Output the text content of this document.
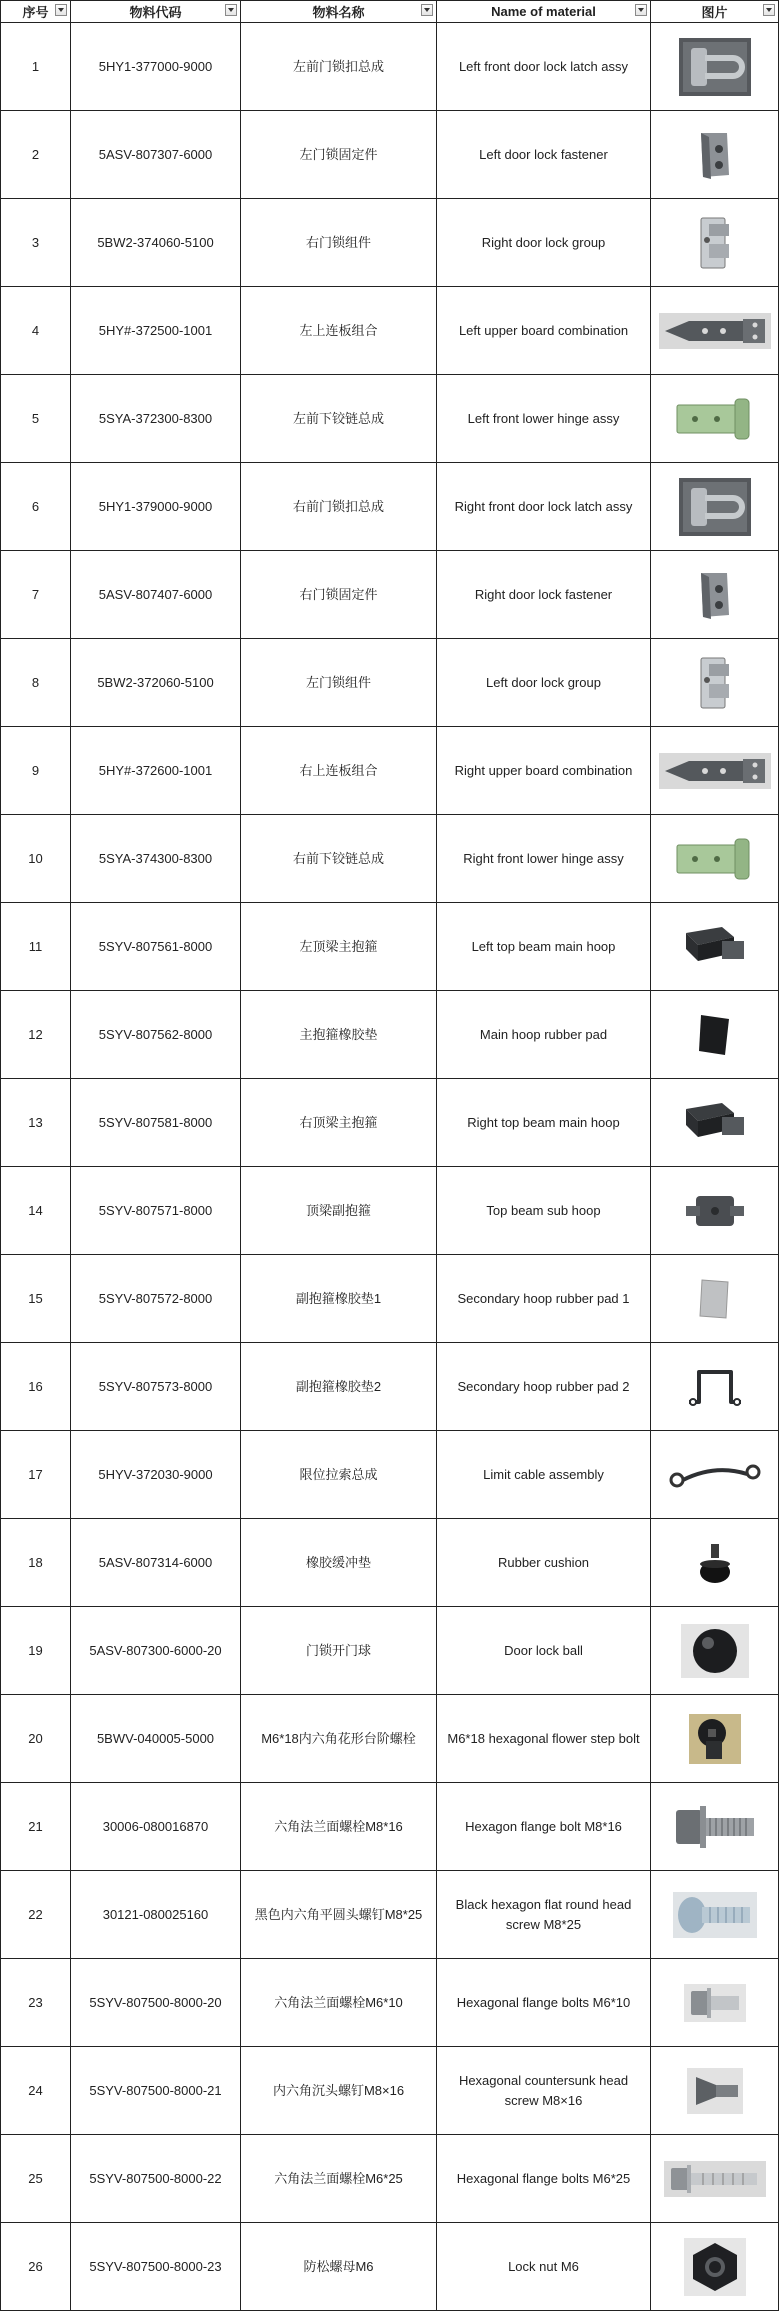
序号	物料代码	物料名称	Name of material	图片

1	5HY1-377000-9000	左前门锁扣总成	Left front door lock latch assy	

2	5ASV-807307-6000	左门锁固定件	Left door lock fastener	

3	5BW2-374060-5100	右门锁组件	Right door lock group	

4	5HY#-372500-1001	左上连板组合	Left upper board combination	

5	5SYA-372300-8300	左前下铰链总成	Left front lower hinge assy	

6	5HY1-379000-9000	右前门锁扣总成	Right front door lock latch assy	

7	5ASV-807407-6000	右门锁固定件	Right door lock fastener	

8	5BW2-372060-5100	左门锁组件	Left door lock group	

9	5HY#-372600-1001	右上连板组合	Right upper board combination	

10	5SYA-374300-8300	右前下铰链总成	Right front lower hinge assy	

11	5SYV-807561-8000	左顶梁主抱箍	Left top beam main hoop	

12	5SYV-807562-8000	主抱箍橡胶垫	Main hoop rubber pad	

13	5SYV-807581-8000	右顶梁主抱箍	Right top beam main hoop	

14	5SYV-807571-8000	顶梁副抱箍	Top beam sub hoop	

15	5SYV-807572-8000	副抱箍橡胶垫1	Secondary hoop rubber pad 1	

16	5SYV-807573-8000	副抱箍橡胶垫2	Secondary hoop rubber pad 2	

17	5HYV-372030-9000	限位拉索总成	Limit cable assembly	

18	5ASV-807314-6000	橡胶缓冲垫	Rubber cushion	

19	5ASV-807300-6000-20	门锁开门球	Door lock ball	

20	5BWV-040005-5000	M6*18内六角花形台阶螺栓	M6*18 hexagonal flower step bolt	

21	30006-080016870	六角法兰面螺栓M8*16	Hexagon flange bolt M8*16	

22	30121-080025160	黑色内六角平圆头螺钉M8*25	Black hexagon flat round head screw M8*25	

23	5SYV-807500-8000-20	六角法兰面螺栓M6*10	Hexagonal flange bolts M6*10	

24	5SYV-807500-8000-21	内六角沉头螺钉M8×16	Hexagonal countersunk head screw M8×16	

25	5SYV-807500-8000-22	六角法兰面螺栓M6*25	Hexagonal flange bolts M6*25	

26	5SYV-807500-8000-23	防松螺母M6	Lock nut M6	
